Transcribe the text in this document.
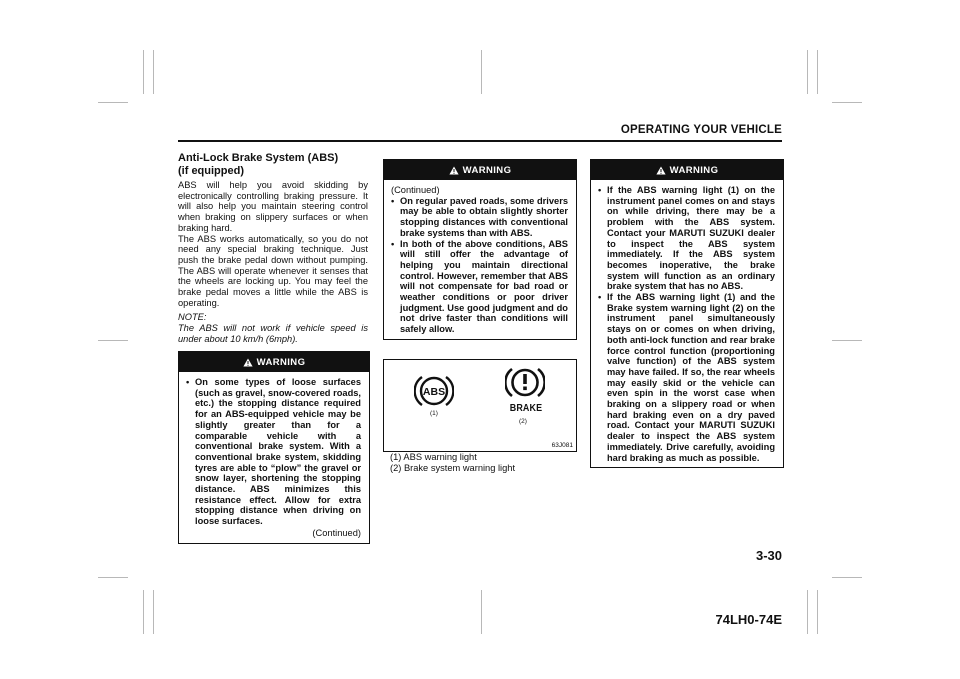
OPERATING YOUR VEHICLE

Anti-Lock Brake System (ABS)
(if equipped)

ABS will help you avoid skidding by electronically controlling braking pressure. It will also help you maintain steering control when braking on slippery surfaces or when braking hard.

The ABS works automatically, so you do not need any special braking technique. Just push the brake pedal down without pumping. The ABS will operate whenever it senses that the wheels are locking up. You may feel the brake pedal moves a little while the ABS is operating.

NOTE:

The ABS will not work if vehicle speed is under about 10 km/h (6mph).

WARNING

• On some types of loose surfaces (such as gravel, snow-covered roads, etc.) the stopping distance required for an ABS-equipped vehicle may be slightly greater than for a comparable vehicle with a conventional brake system. With a conventional brake system, skidding tyres are able to “plow” the gravel or snow layer, shortening the stopping distance. ABS minimizes this resistance effect. Allow for extra stopping distance when driving on loose surfaces.

(Continued)

WARNING

(Continued)

• On regular paved roads, some drivers may be able to obtain slightly shorter stopping distances with conventional brake systems than with ABS.

• In both of the above conditions, ABS will still offer the advantage of helping you maintain directional control. However, remember that ABS will not compensate for bad road or weather conditions or poor driver judgment. Use good judgment and do not drive faster than conditions will safely allow.

ABS
(1)	BRAKE
(2)
63J081

(1) ABS warning light

(2) Brake system warning light

WARNING

• If the ABS warning light (1) on the instrument panel comes on and stays on while driving, there may be a problem with the ABS system. Contact your MARUTI SUZUKI dealer to inspect the ABS system immediately. If the ABS system becomes inoperative, the brake system will function as an ordinary brake system that has no ABS.

• If the ABS warning light (1) and the Brake system warning light (2) on the instrument panel simultaneously stays on or comes on when driving, both anti-lock function and rear brake force control function (proportioning valve function) of the ABS system may have failed. If so, the rear wheels may easily skid or the vehicle can even spin in the worst case when braking on a slippery road or when hard braking even on a dry paved road. Contact your MARUTI SUZUKI dealer to inspect the ABS system immediately. Drive carefully, avoiding hard braking as much as possible.

3-30
74LH0-74E
